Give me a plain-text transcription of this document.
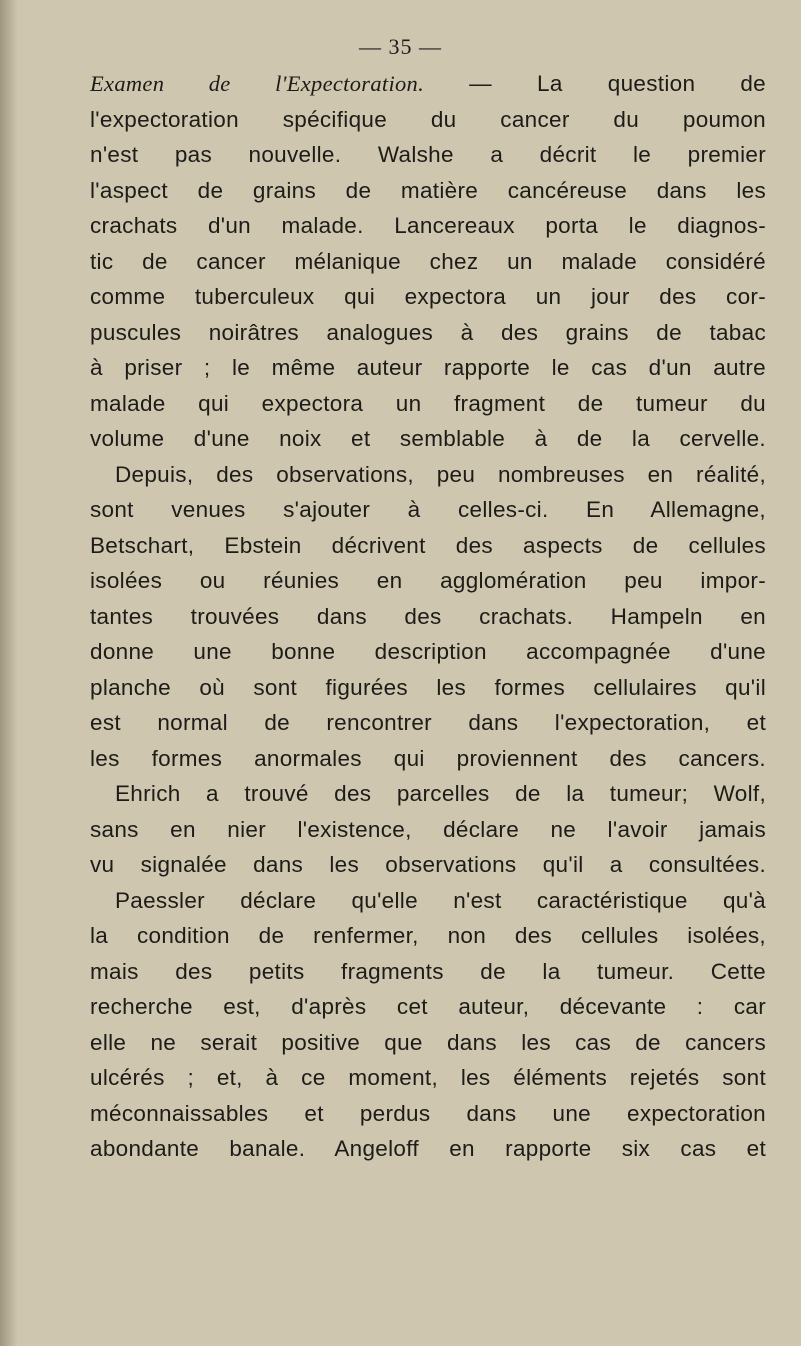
— 35 —
Examen de l'Expectoration. — La question de
l'expectoration spécifique du cancer du poumon
n'est pas nouvelle. Walshe a décrit le premier
l'aspect de grains de matière cancéreuse dans les
crachats d'un malade. Lancereaux porta le diagnos-
tic de cancer mélanique chez un malade considéré
comme tuberculeux qui expectora un jour des cor-
puscules noirâtres analogues à des grains de tabac
à priser ; le même auteur rapporte le cas d'un autre
malade qui expectora un fragment de tumeur du
volume d'une noix et semblable à de la cervelle.
Depuis, des observations, peu nombreuses en réalité,
sont venues s'ajouter à celles-ci. En Allemagne,
Betschart, Ebstein décrivent des aspects de cellules
isolées ou réunies en agglomération peu impor-
tantes trouvées dans des crachats. Hampeln en
donne une bonne description accompagnée d'une
planche où sont figurées les formes cellulaires qu'il
est normal de rencontrer dans l'expectoration, et
les formes anormales qui proviennent des cancers.
Ehrich a trouvé des parcelles de la tumeur; Wolf,
sans en nier l'existence, déclare ne l'avoir jamais
vu signalée dans les observations qu'il a consultées.
Paessler déclare qu'elle n'est caractéristique qu'à
la condition de renfermer, non des cellules isolées,
mais des petits fragments de la tumeur. Cette
recherche est, d'après cet auteur, décevante : car
elle ne serait positive que dans les cas de cancers
ulcérés ; et, à ce moment, les éléments rejetés sont
méconnaissables et perdus dans une expectoration
abondante banale. Angeloff en rapporte six cas et
